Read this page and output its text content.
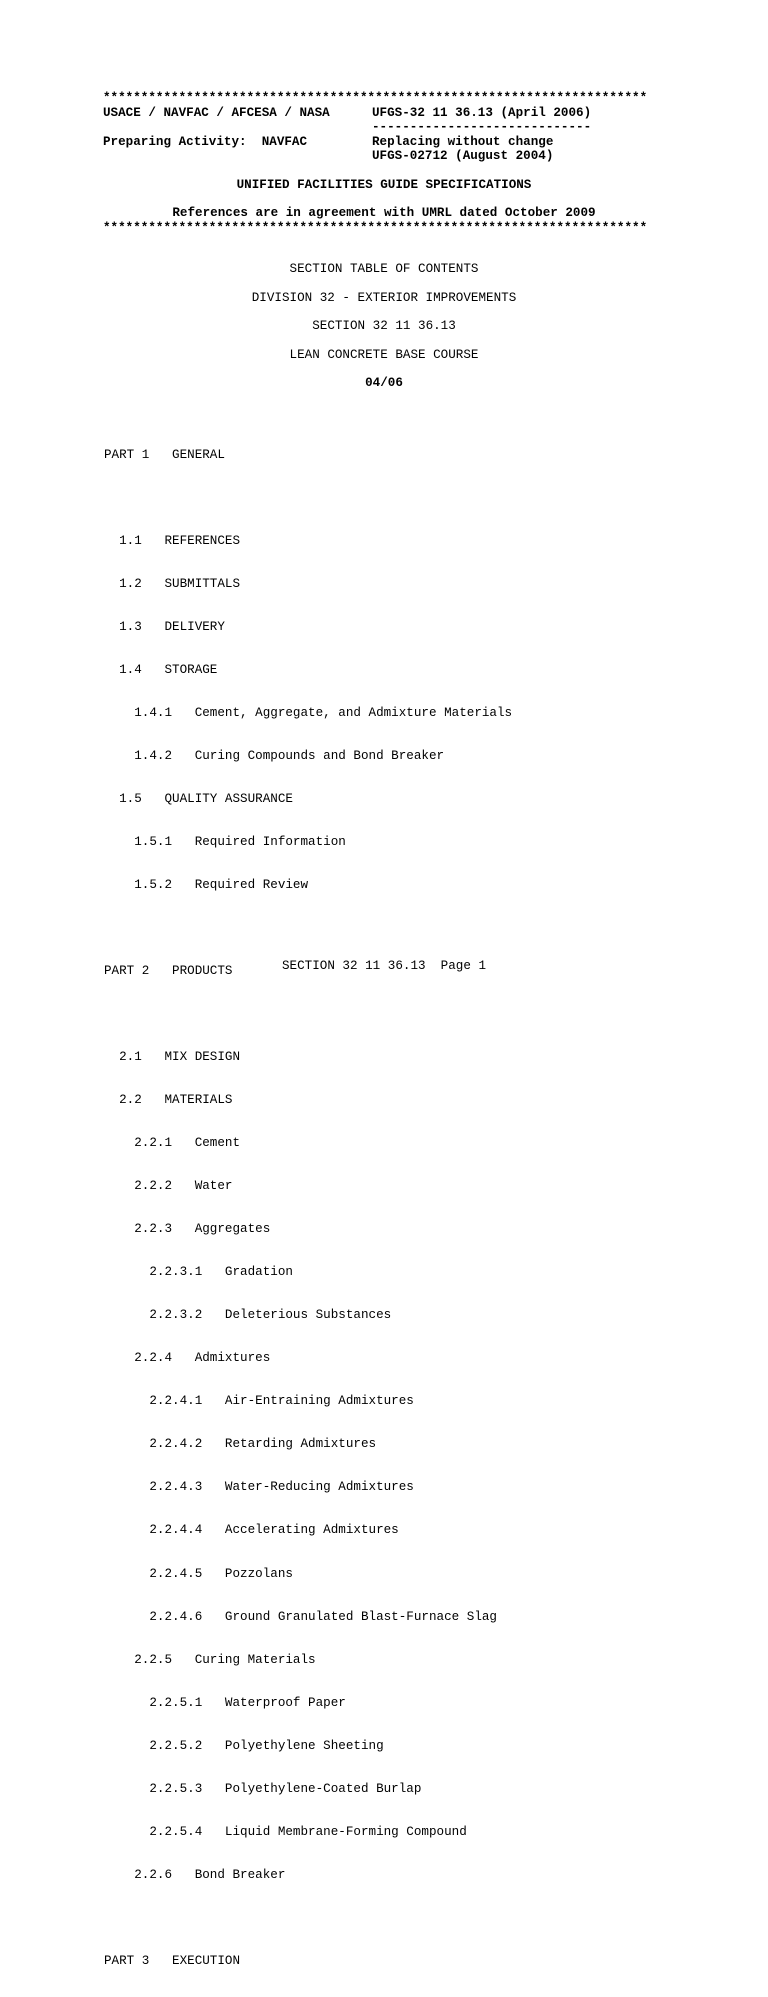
************************************************************************
USACE / NAVFAC / AFCESA / NASA	UFGS-32 11 36.13 (April 2006)
-----------------------------
Preparing Activity:  NAVFAC	Replacing without change
UFGS-02712 (August 2004)
UNIFIED FACILITIES GUIDE SPECIFICATIONS
References are in agreement with UMRL dated October 2009
************************************************************************
SECTION TABLE OF CONTENTS
DIVISION 32 - EXTERIOR IMPROVEMENTS
SECTION 32 11 36.13
LEAN CONCRETE BASE COURSE
04/06

PART 1   GENERAL

1.1   REFERENCES

1.2   SUBMITTALS

1.3   DELIVERY

1.4   STORAGE

1.4.1   Cement, Aggregate, and Admixture Materials

1.4.2   Curing Compounds and Bond Breaker

1.5   QUALITY ASSURANCE

1.5.1   Required Information

1.5.2   Required Review

PART 2   PRODUCTS

2.1   MIX DESIGN

2.2   MATERIALS

2.2.1   Cement

2.2.2   Water

2.2.3   Aggregates

2.2.3.1   Gradation

2.2.3.2   Deleterious Substances

2.2.4   Admixtures

2.2.4.1   Air-Entraining Admixtures

2.2.4.2   Retarding Admixtures

2.2.4.3   Water-Reducing Admixtures

2.2.4.4   Accelerating Admixtures

2.2.4.5   Pozzolans

2.2.4.6   Ground Granulated Blast-Furnace Slag

2.2.5   Curing Materials

2.2.5.1   Waterproof Paper

2.2.5.2   Polyethylene Sheeting

2.2.5.3   Polyethylene-Coated Burlap

2.2.5.4   Liquid Membrane-Forming Compound

2.2.6   Bond Breaker

PART 3   EXECUTION

SECTION 32 11 36.13  Page 1
